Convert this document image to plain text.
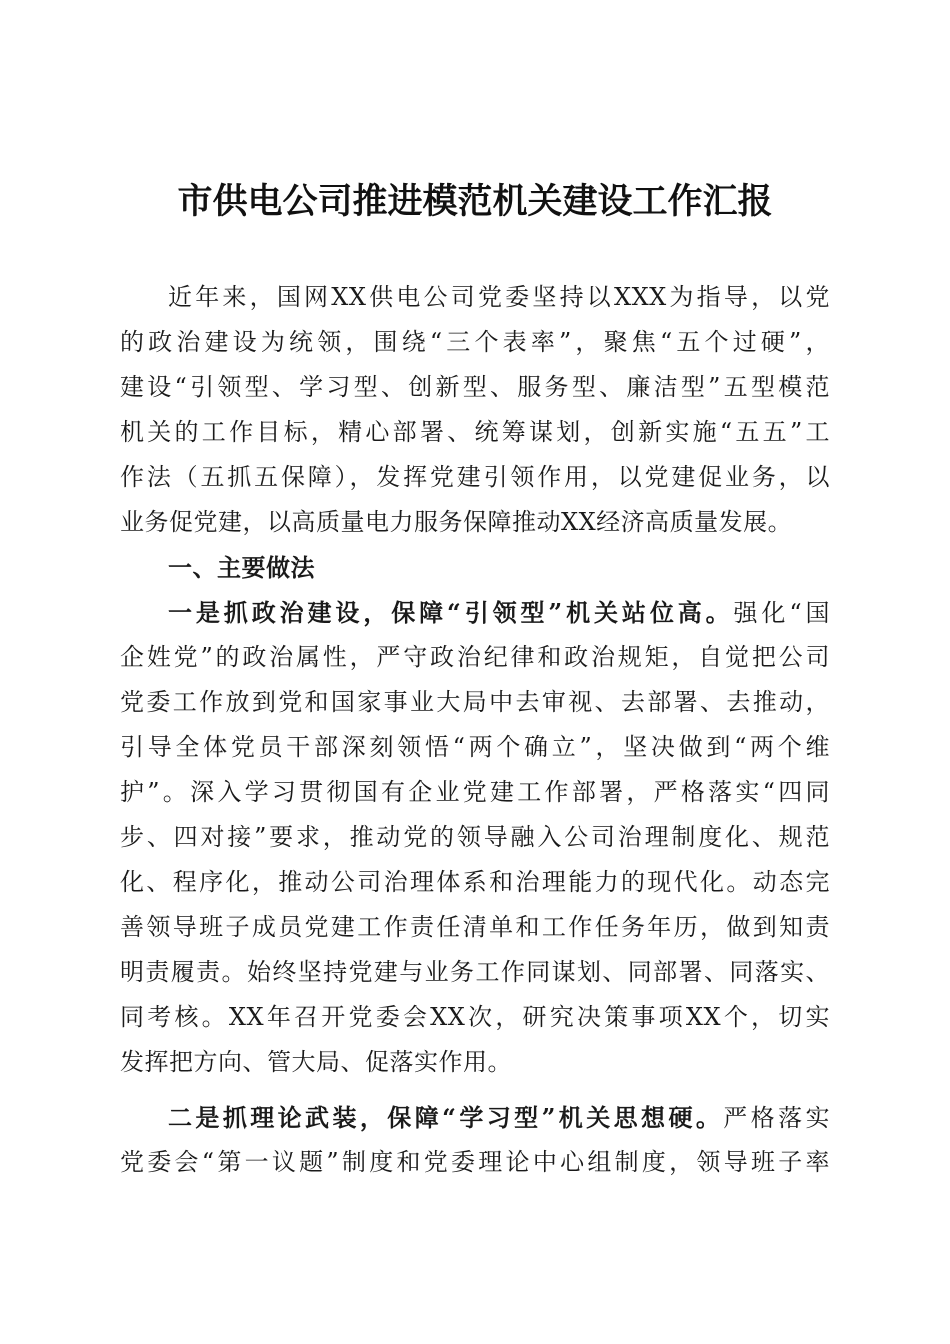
市供电公司推进模范机关建设工作汇报
近年来，国网XX供电公司党委坚持以XXX为指导，以党
的政治建设为统领，围绕“三个表率”，聚焦“五个过硬”，
建设“引领型、学习型、创新型、服务型、廉洁型”五型模范
机关的工作目标，精心部署、统筹谋划，创新实施“五五”工
作法（五抓五保障），发挥党建引领作用，以党建促业务，以
业务促党建，以高质量电力服务保障推动XX经济高质量发展。
一、主要做法
一是抓政治建设，保障“引领型”机关站位高。强化“国
企姓党”的政治属性，严守政治纪律和政治规矩，自觉把公司
党委工作放到党和国家事业大局中去审视、去部署、去推动，
引导全体党员干部深刻领悟“两个确立”，坚决做到“两个维
护”。深入学习贯彻国有企业党建工作部署，严格落实“四同
步、四对接”要求，推动党的领导融入公司治理制度化、规范
化、程序化，推动公司治理体系和治理能力的现代化。动态完
善领导班子成员党建工作责任清单和工作任务年历，做到知责
明责履责。始终坚持党建与业务工作同谋划、同部署、同落实、
同考核。XX年召开党委会XX次，研究决策事项XX个，切实
发挥把方向、管大局、促落实作用。
二是抓理论武装，保障“学习型”机关思想硬。严格落实
党委会“第一议题”制度和党委理论中心组制度，领导班子率
